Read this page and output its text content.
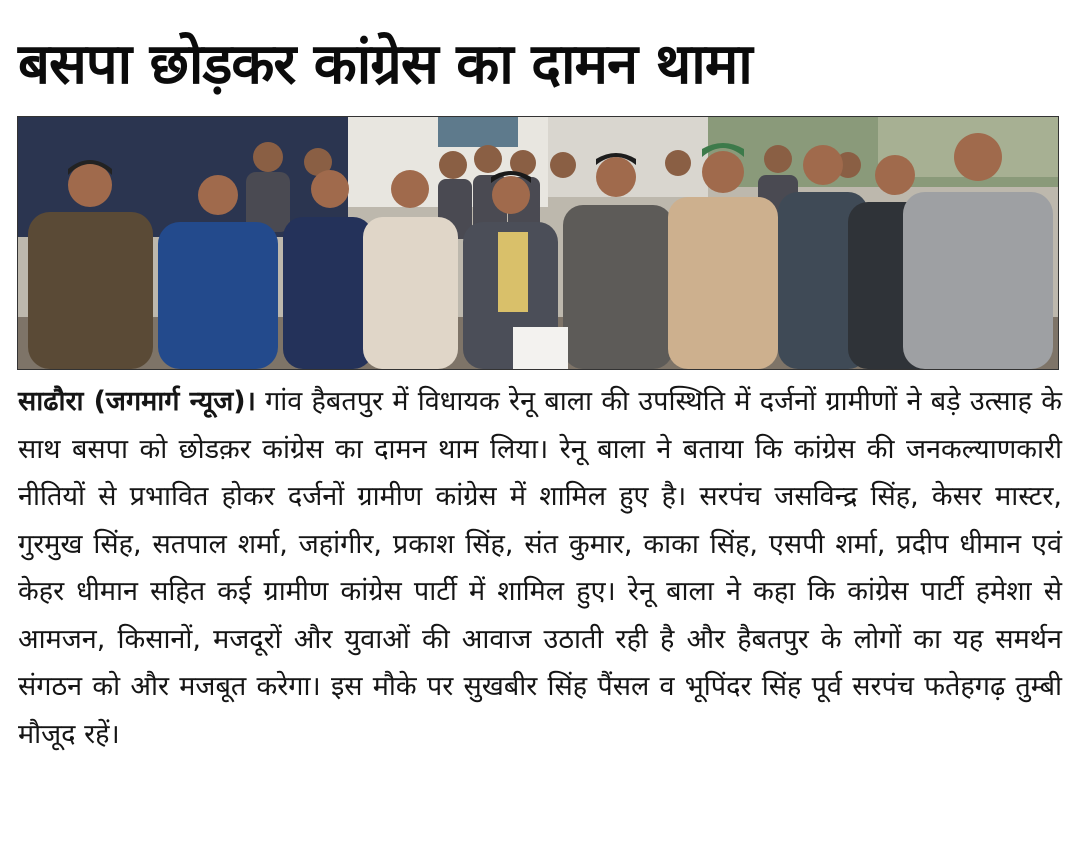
बसपा छोड़कर कांग्रेस का दामन थामा
साढौरा (जगमार्ग न्यूज)। गांव हैबतपुर में विधायक रेनू बाला की उपस्थिति में दर्जनों ग्रामीणों ने बड़े उत्साह के साथ बसपा को छोडक़र कांग्रेस का दामन थाम लिया। रेनू बाला ने बताया कि कांग्रेस की जनकल्याणकारी नीतियों से प्रभावित होकर दर्जनों ग्रामीण कांग्रेस में शामिल हुए है। सरपंच जसविन्द्र सिंह, केसर मास्टर, गुरमुख सिंह, सतपाल शर्मा, जहांगीर, प्रकाश सिंह, संत कुमार, काका सिंह, एसपी शर्मा, प्रदीप धीमान एवं केहर धीमान सहित कई ग्रामीण कांग्रेस पार्टी में शामिल हुए। रेनू बाला ने कहा कि कांग्रेस पार्टी हमेशा से आमजन, किसानों, मजदूरों और युवाओं की आवाज उठाती रही है और हैबतपुर के लोगों का यह समर्थन संगठन को और मजबूत करेगा। इस मौके पर सुखबीर सिंह पैंसल व भूपिंदर सिंह पूर्व सरपंच फतेहगढ़ तुम्बी मौजूद रहें।
